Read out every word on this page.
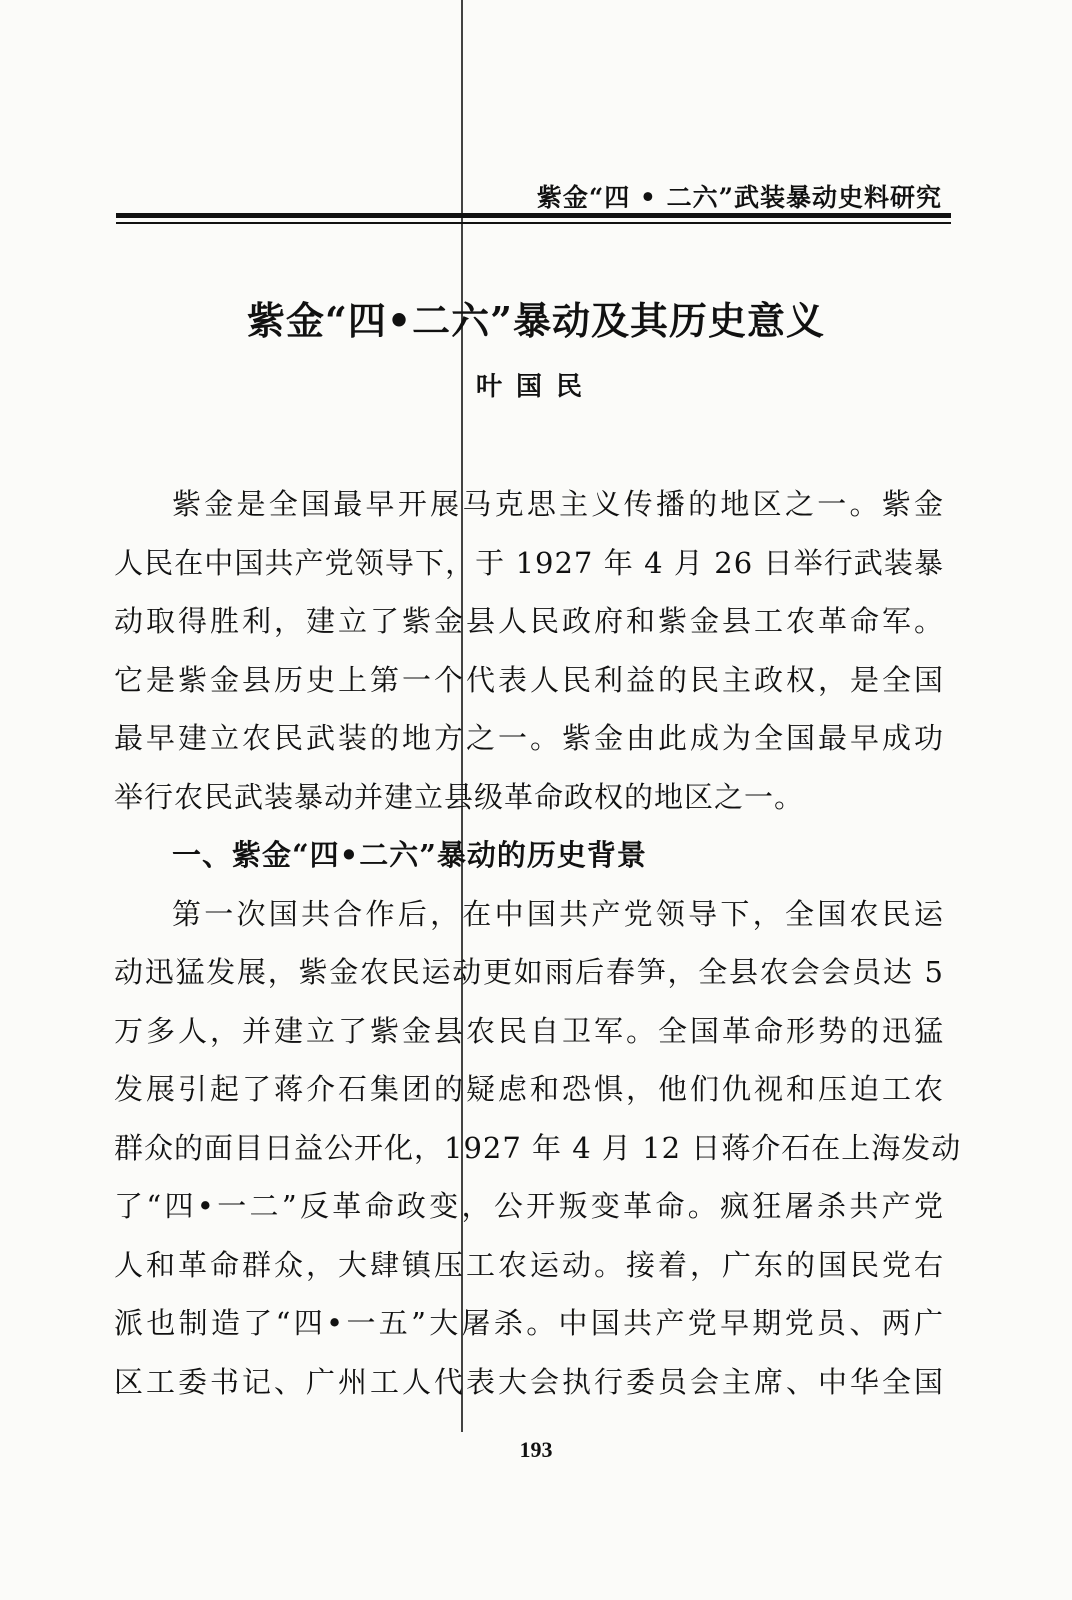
紫金“四 • 二六”武装暴动史料研究
紫金“四•二六”暴动及其历史意义
叶国民
紫金是全国最早开展马克思主义传播的地区之一。紫金
人民在中国共产党领导下，于 1927 年 4 月 26 日举行武装暴
动取得胜利，建立了紫金县人民政府和紫金县工农革命军。
它是紫金县历史上第一个代表人民利益的民主政权，是全国
最早建立农民武装的地方之一。紫金由此成为全国最早成功
举行农民武装暴动并建立县级革命政权的地区之一。
一、紫金“四•二六”暴动的历史背景
第一次国共合作后，在中国共产党领导下，全国农民运
动迅猛发展，紫金农民运动更如雨后春笋，全县农会会员达 5
万多人，并建立了紫金县农民自卫军。全国革命形势的迅猛
发展引起了蒋介石集团的疑虑和恐惧，他们仇视和压迫工农
群众的面目日益公开化，1927 年 4 月 12 日蒋介石在上海发动
了“四•一二”反革命政变，公开叛变革命。疯狂屠杀共产党
人和革命群众，大肆镇压工农运动。接着，广东的国民党右
派也制造了“四•一五”大屠杀。中国共产党早期党员、两广
区工委书记、广州工人代表大会执行委员会主席、中华全国
193
